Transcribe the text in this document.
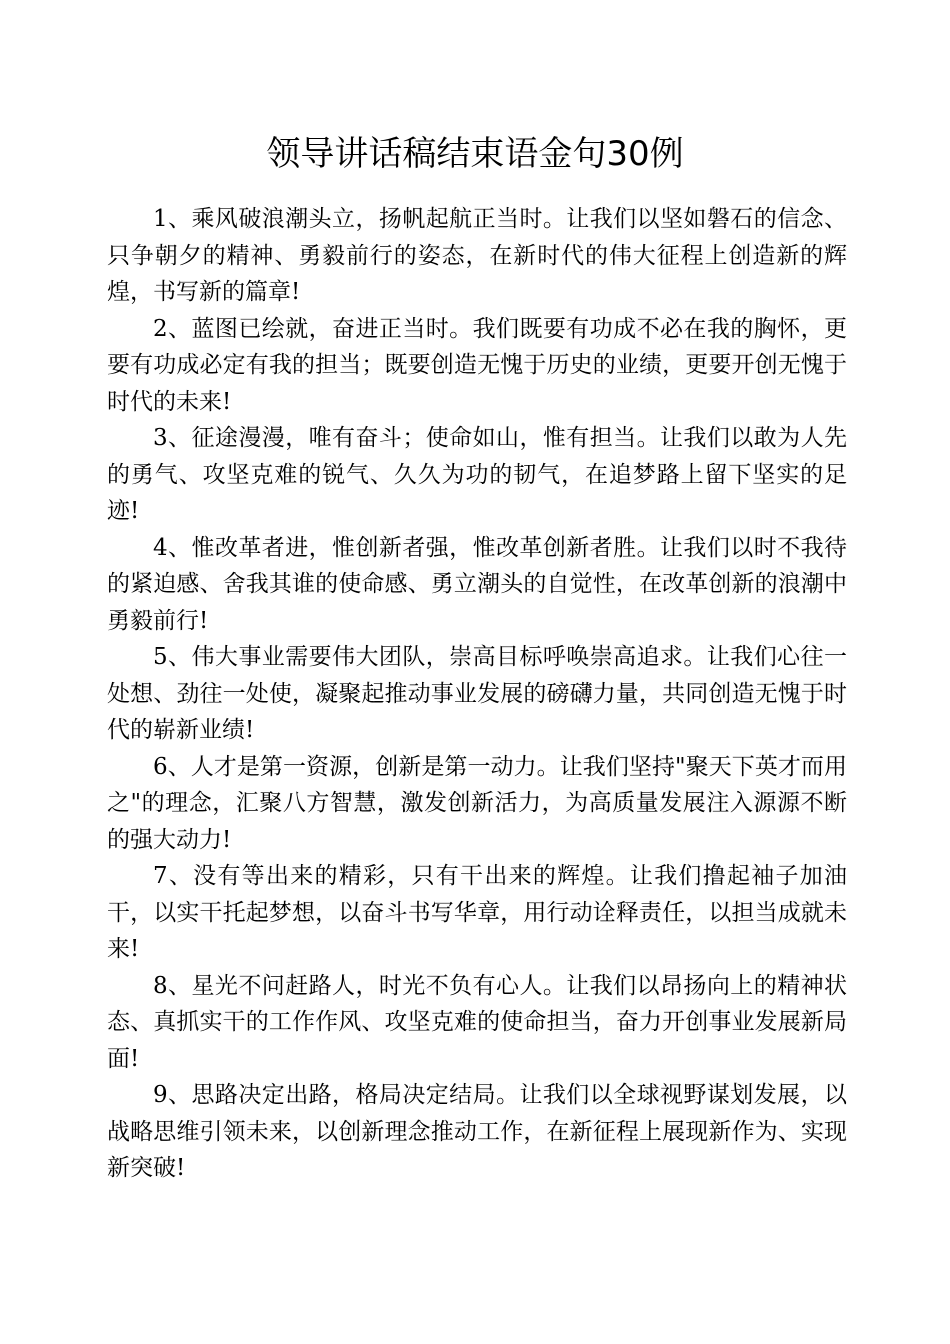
领导讲话稿结束语金句30例

1、乘风破浪潮头立，扬帆起航正当时。让我们以坚如磐石的信念、只争朝夕的精神、勇毅前行的姿态，在新时代的伟大征程上创造新的辉煌，书写新的篇章!

2、蓝图已绘就，奋进正当时。我们既要有功成不必在我的胸怀，更要有功成必定有我的担当；既要创造无愧于历史的业绩，更要开创无愧于时代的未来!

3、征途漫漫，唯有奋斗；使命如山，惟有担当。让我们以敢为人先的勇气、攻坚克难的锐气、久久为功的韧气，在追梦路上留下坚实的足迹!

4、惟改革者进，惟创新者强，惟改革创新者胜。让我们以时不我待的紧迫感、舍我其谁的使命感、勇立潮头的自觉性，在改革创新的浪潮中勇毅前行!

5、伟大事业需要伟大团队，崇高目标呼唤崇高追求。让我们心往一处想、劲往一处使，凝聚起推动事业发展的磅礴力量，共同创造无愧于时代的崭新业绩!

6、人才是第一资源，创新是第一动力。让我们坚持"聚天下英才而用之"的理念，汇聚八方智慧，激发创新活力，为高质量发展注入源源不断的强大动力!

7、没有等出来的精彩，只有干出来的辉煌。让我们撸起袖子加油干，以实干托起梦想，以奋斗书写华章，用行动诠释责任，以担当成就未来!

8、星光不问赶路人，时光不负有心人。让我们以昂扬向上的精神状态、真抓实干的工作作风、攻坚克难的使命担当，奋力开创事业发展新局面!

9、思路决定出路，格局决定结局。让我们以全球视野谋划发展，以战略思维引领未来，以创新理念推动工作，在新征程上展现新作为、实现新突破!
